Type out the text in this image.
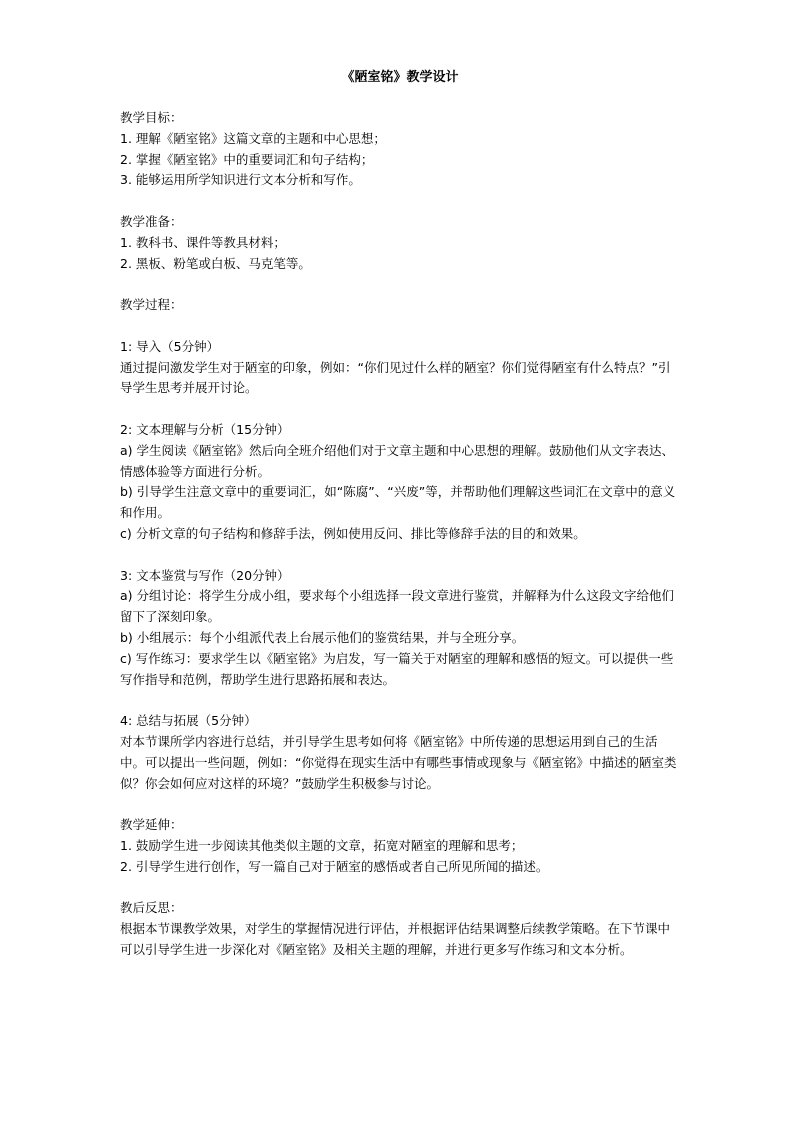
《陋室铭》教学设计
教学目标：
1. 理解《陋室铭》这篇文章的主题和中心思想；
2. 掌握《陋室铭》中的重要词汇和句子结构；
3. 能够运用所学知识进行文本分析和写作。
教学准备：
1. 教科书、课件等教具材料；
2. 黑板、粉笔或白板、马克笔等。
教学过程：
1: 导入（5分钟）
通过提问激发学生对于陋室的印象，例如：“你们见过什么样的陋室？你们觉得陋室有什么特点？”引导学生思考并展开讨论。
2: 文本理解与分析（15分钟）
a) 学生阅读《陋室铭》然后向全班介绍他们对于文章主题和中心思想的理解。鼓励他们从文字表达、情感体验等方面进行分析。
b) 引导学生注意文章中的重要词汇，如“陈腐”、“兴废”等，并帮助他们理解这些词汇在文章中的意义和作用。
c) 分析文章的句子结构和修辞手法，例如使用反问、排比等修辞手法的目的和效果。
3: 文本鉴赏与写作（20分钟）
a) 分组讨论：将学生分成小组，要求每个小组选择一段文章进行鉴赏，并解释为什么这段文字给他们留下了深刻印象。
b) 小组展示：每个小组派代表上台展示他们的鉴赏结果，并与全班分享。
c) 写作练习：要求学生以《陋室铭》为启发，写一篇关于对陋室的理解和感悟的短文。可以提供一些写作指导和范例，帮助学生进行思路拓展和表达。
4: 总结与拓展（5分钟）
对本节课所学内容进行总结，并引导学生思考如何将《陋室铭》中所传递的思想运用到自己的生活中。可以提出一些问题，例如：“你觉得在现实生活中有哪些事情或现象与《陋室铭》中描述的陋室类似？你会如何应对这样的环境？”鼓励学生积极参与讨论。
教学延伸：
1. 鼓励学生进一步阅读其他类似主题的文章，拓宽对陋室的理解和思考；
2. 引导学生进行创作，写一篇自己对于陋室的感悟或者自己所见所闻的描述。
教后反思：
根据本节课教学效果，对学生的掌握情况进行评估，并根据评估结果调整后续教学策略。在下节课中可以引导学生进一步深化对《陋室铭》及相关主题的理解，并进行更多写作练习和文本分析。
